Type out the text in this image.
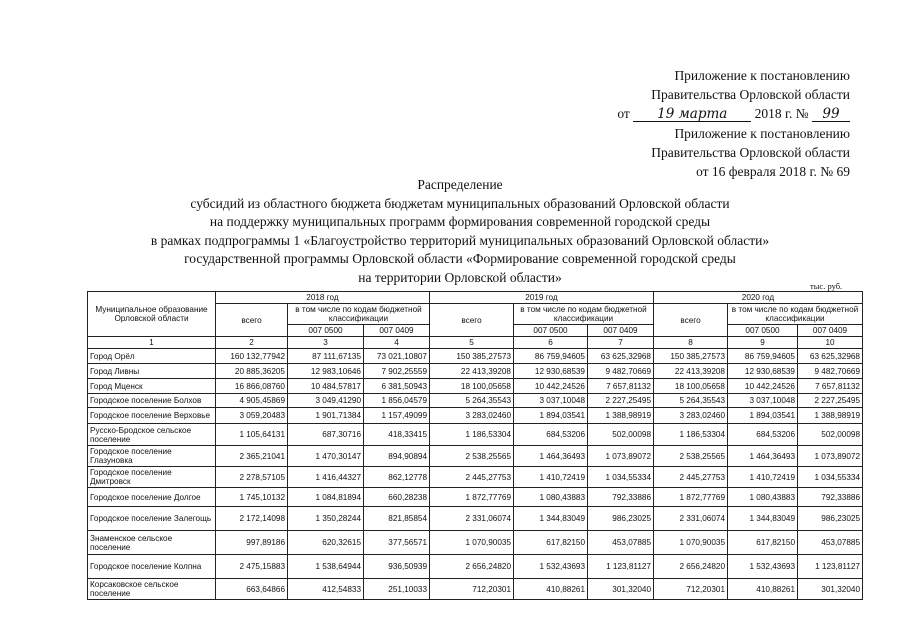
Приложение к постановлению
Правительства Орловской области
от 19 марта 2018 г. № 99
Приложение к постановлению
Правительства Орловской области
от 16 февраля 2018 г. № 69
Распределение
субсидий из областного бюджета бюджетам муниципальных образований Орловской области
на поддержку муниципальных программ формирования современной городской среды
в рамках подпрограммы 1 «Благоустройство территорий муниципальных образований Орловской области»
государственной программы Орловской области «Формирование современной городской среды
на территории Орловской области»
тыс. руб.
Муниципальное образование Орловской области	2018 год			2019 год			2020 год		
	всего	в том числе по кодам бюджетной классификации		всего	в том числе по кодам бюджетной классификации		всего	в том числе по кодам бюджетной классификации	
		007 0500	007 0409		007 0500	007 0409		007 0500	007 0409
1	2	3	4	5	6	7	8	9	10
Город Орёл	160 132,77942	87 111,67135	73 021,10807	150 385,27573	86 759,94605	63 625,32968	150 385,27573	86 759,94605	63 625,32968
Город Ливны	20 885,36205	12 983,10646	7 902,25559	22 413,39208	12 930,68539	9 482,70669	22 413,39208	12 930,68539	9 482,70669
Город Мценск	16 866,08760	10 484,57817	6 381,50943	18 100,05658	10 442,24526	7 657,81132	18 100,05658	10 442,24526	7 657,81132
Городское поселение Болхов	4 905,45869	3 049,41290	1 856,04579	5 264,35543	3 037,10048	2 227,25495	5 264,35543	3 037,10048	2 227,25495
Городское поселение Верховье	3 059,20483	1 901,71384	1 157,49099	3 283,02460	1 894,03541	1 388,98919	3 283,02460	1 894,03541	1 388,98919
Русско-Бродское сельское поселение	1 105,64131	687,30716	418,33415	1 186,53304	684,53206	502,00098	1 186,53304	684,53206	502,00098
Городское поселение Глазуновка	2 365,21041	1 470,30147	894,90894	2 538,25565	1 464,36493	1 073,89072	2 538,25565	1 464,36493	1 073,89072
Городское поселение Дмитровск	2 278,57105	1 416,44327	862,12778	2 445,27753	1 410,72419	1 034,55334	2 445,27753	1 410,72419	1 034,55334
Городское поселение Долгое	1 745,10132	1 084,81894	660,28238	1 872,77769	1 080,43883	792,33886	1 872,77769	1 080,43883	792,33886
Городское поселение Залегощь	2 172,14098	1 350,28244	821,85854	2 331,06074	1 344,83049	986,23025	2 331,06074	1 344,83049	986,23025
Знаменское сельское поселение	997,89186	620,32615	377,56571	1 070,90035	617,82150	453,07885	1 070,90035	617,82150	453,07885
Городское поселение Колпна	2 475,15883	1 538,64944	936,50939	2 656,24820	1 532,43693	1 123,81127	2 656,24820	1 532,43693	1 123,81127
Корсаковское сельское поселение	663,64866	412,54833	251,10033	712,20301	410,88261	301,32040	712,20301	410,88261	301,32040
